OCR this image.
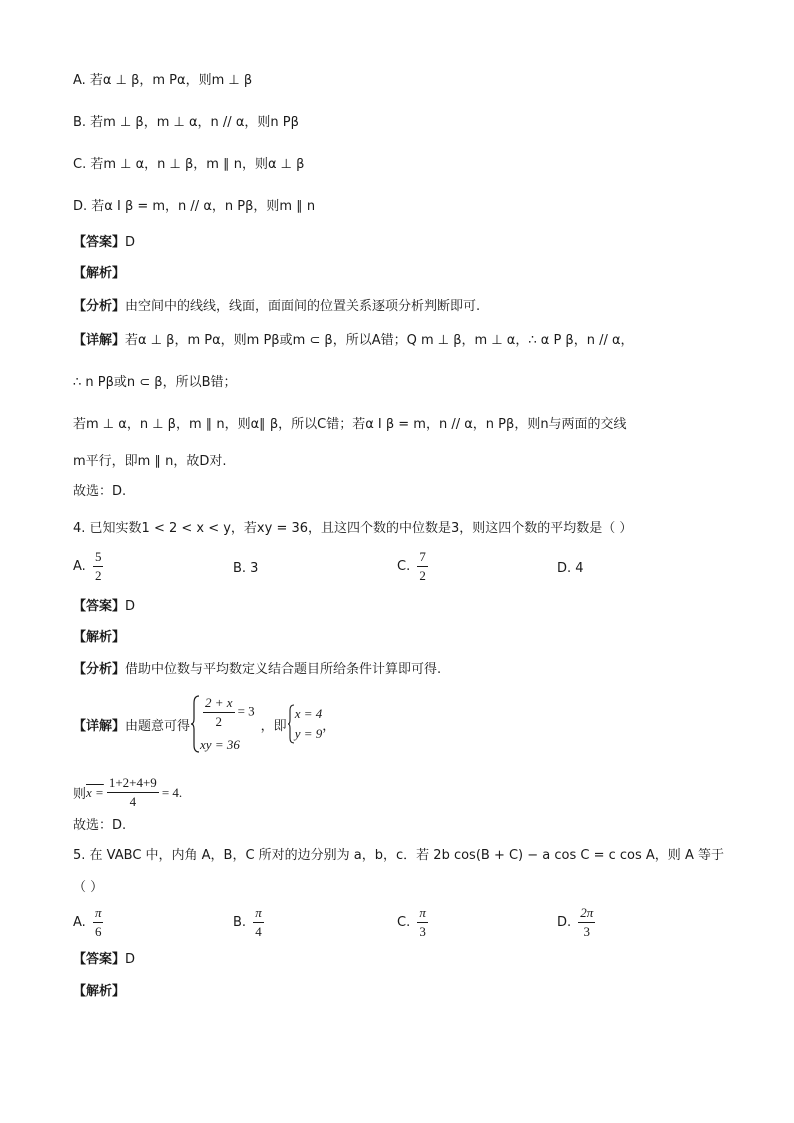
A. 若α ⊥ β，m Pα，则m ⊥ β
B. 若m ⊥ β，m ⊥ α，n // α，则n Pβ
C. 若m ⊥ α，n ⊥ β，m ∥ n，则α ⊥ β
D. 若α I β = m，n // α，n Pβ，则m ∥ n
【答案】D
【解析】
【分析】由空间中的线线，线面，面面间的位置关系逐项分析判断即可.
【详解】若α ⊥ β，m Pα，则m Pβ或m ⊂ β，所以A错；Q m ⊥ β，m ⊥ α，∴ α P β，n // α，
∴ n Pβ或n ⊂ β，所以B错；
若m ⊥ α，n ⊥ β，m ∥ n，则α∥ β，所以C错；若α I β = m，n // α，n Pβ，则n与两面的交线
m平行，即m ∥ n，故D对.
故选：D.
4. 已知实数1 < 2 < x < y，若xy = 36，且这四个数的中位数是3，则这四个数的平均数是（ ）
A. $\frac{5}{2}$	B. 3	C. $\frac{7}{2}$	D. 4
【答案】D
【解析】
【分析】借助中位数与平均数定义结合题目所给条件计算即可得.
【详解】 由题意可得 $\frac{2 + x}{2} = 3$
xy = 36
，即
x = 4
y = 9 ，
则 $x = \frac{1+2+4+9}{4} = 4$.
故选：D.
5. 在 VABC 中，内角 A，B，C 所对的边分别为 a，b，c．若 2b cos(B + C) − a cos C = c cos A，则 A 等于
（ ）
A. $\frac{\pi}{6}$	B. $\frac{\pi}{4}$	C. $\frac{\pi}{3}$	D. $\frac{2\pi}{3}$
【答案】D
【解析】
